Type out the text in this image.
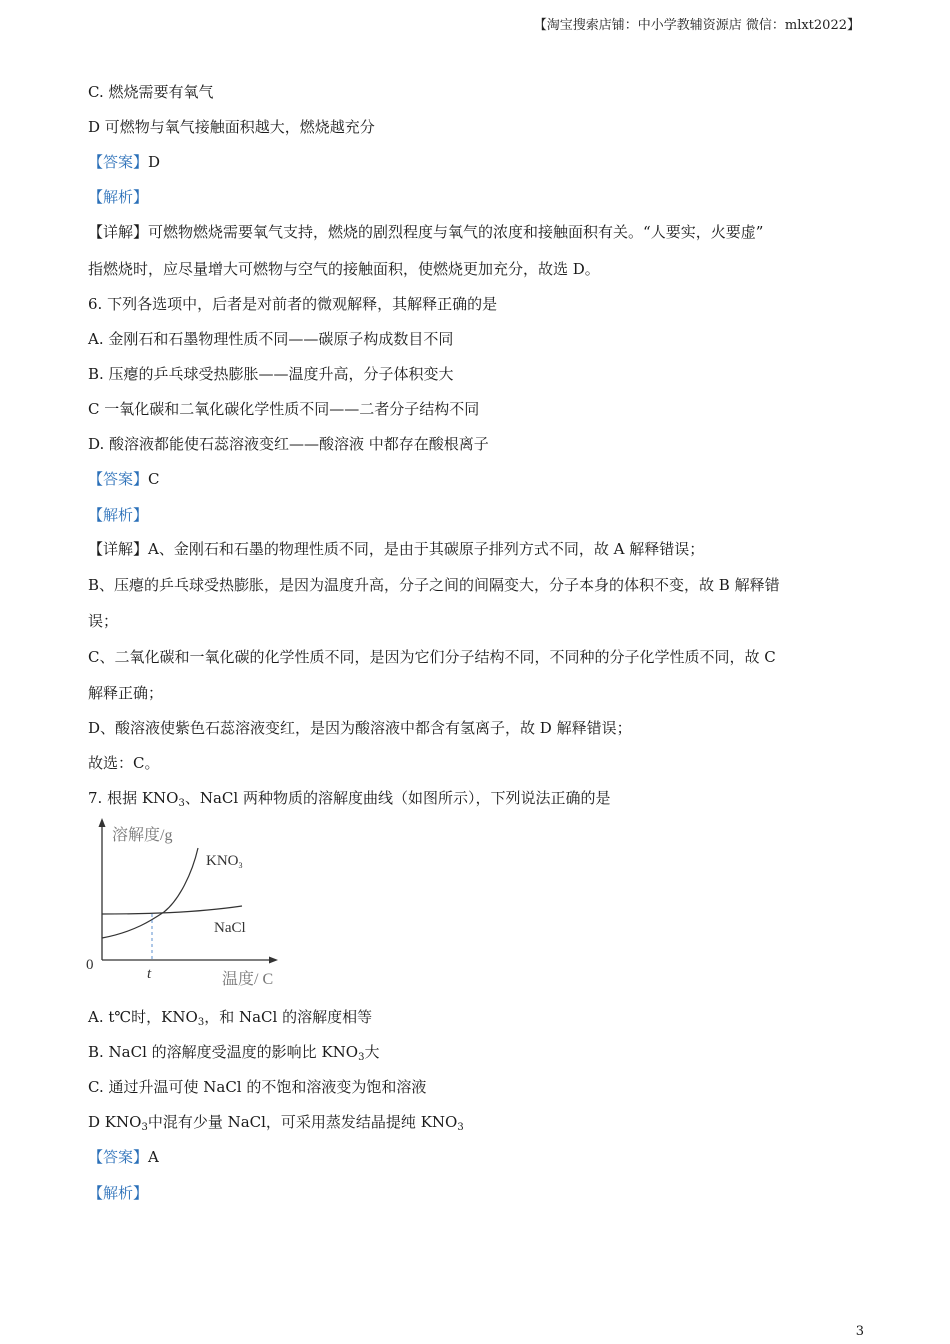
【淘宝搜索店铺：中小学教辅资源店 微信：mlxt2022】
C. 燃烧需要有氧气
D 可燃物与氧气接触面积越大，燃烧越充分
【答案】D
【解析】
【详解】可燃物燃烧需要氧气支持，燃烧的剧烈程度与氧气的浓度和接触面积有关。“人要实，火要虚”
指燃烧时，应尽量增大可燃物与空气的接触面积，使燃烧更加充分，故选 D。
6. 下列各选项中，后者是对前者的微观解释，其解释正确的是
A. 金刚石和石墨物理性质不同——碳原子构成数目不同
B. 压瘪的乒乓球受热膨胀——温度升高，分子体积变大
C 一氧化碳和二氧化碳化学性质不同——二者分子结构不同
D. 酸溶液都能使石蕊溶液变红——酸溶液 中都存在酸根离子
【答案】C
【解析】
【详解】A、金刚石和石墨的物理性质不同，是由于其碳原子排列方式不同，故 A 解释错误；
B、压瘪的乒乓球受热膨胀，是因为温度升高，分子之间的间隔变大，分子本身的体积不变，故 B 解释错
误；
C、二氧化碳和一氧化碳的化学性质不同，是因为它们分子结构不同，不同种的分子化学性质不同，故 C
解释正确；
D、酸溶液使紫色石蕊溶液变红，是因为酸溶液中都含有氢离子，故 D 解释错误；
故选：C。
7. 根据 $KNO_3$、NaCl 两种物质的溶解度曲线（如图所示），下列说法正确的是
溶解度/g
$KNO_3$
NaCl
0
t	温度/ C
A. t℃时，$KNO_3$，和 NaCl 的溶解度相等
B. NaCl 的溶解度受温度的影响比 $KNO_3$大
C. 通过升温可使 NaCl 的不饱和溶液变为饱和溶液
D $KNO_3$中混有少量 NaCl，可采用蒸发结晶提纯 $KNO_3$
【答案】A
【解析】
3
